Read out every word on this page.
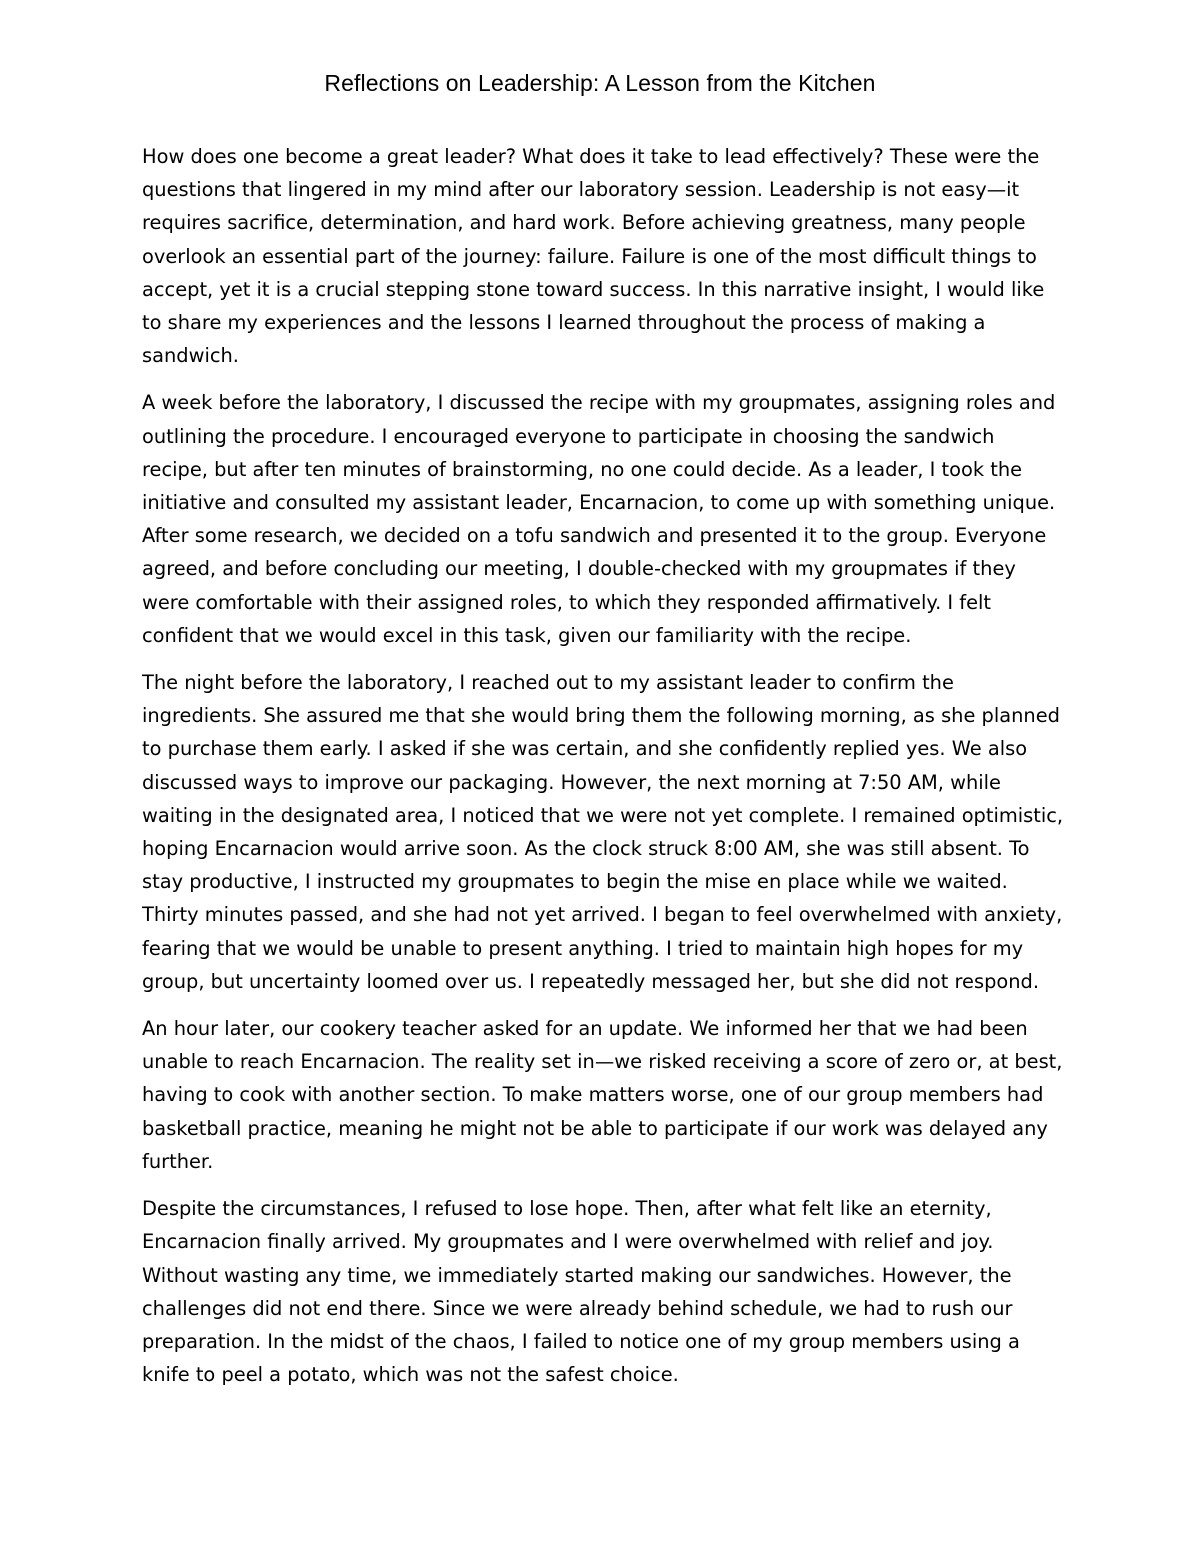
Reflections on Leadership: A Lesson from the Kitchen

How does one become a great leader? What does it take to lead effectively? These were the questions that lingered in my mind after our laboratory session. Leadership is not easy—it requires sacrifice, determination, and hard work. Before achieving greatness, many people overlook an essential part of the journey: failure. Failure is one of the most difficult things to accept, yet it is a crucial stepping stone toward success. In this narrative insight, I would like to share my experiences and the lessons I learned throughout the process of making a sandwich.

A week before the laboratory, I discussed the recipe with my groupmates, assigning roles and outlining the procedure. I encouraged everyone to participate in choosing the sandwich recipe, but after ten minutes of brainstorming, no one could decide. As a leader, I took the initiative and consulted my assistant leader, Encarnacion, to come up with something unique. After some research, we decided on a tofu sandwich and presented it to the group. Everyone agreed, and before concluding our meeting, I double-checked with my groupmates if they were comfortable with their assigned roles, to which they responded affirmatively. I felt confident that we would excel in this task, given our familiarity with the recipe.

The night before the laboratory, I reached out to my assistant leader to confirm the ingredients. She assured me that she would bring them the following morning, as she planned to purchase them early. I asked if she was certain, and she confidently replied yes. We also discussed ways to improve our packaging. However, the next morning at 7:50 AM, while waiting in the designated area, I noticed that we were not yet complete. I remained optimistic, hoping Encarnacion would arrive soon. As the clock struck 8:00 AM, she was still absent. To stay productive, I instructed my groupmates to begin the mise en place while we waited. Thirty minutes passed, and she had not yet arrived. I began to feel overwhelmed with anxiety, fearing that we would be unable to present anything. I tried to maintain high hopes for my group, but uncertainty loomed over us. I repeatedly messaged her, but she did not respond.

An hour later, our cookery teacher asked for an update. We informed her that we had been unable to reach Encarnacion. The reality set in—we risked receiving a score of zero or, at best, having to cook with another section. To make matters worse, one of our group members had basketball practice, meaning he might not be able to participate if our work was delayed any further.

Despite the circumstances, I refused to lose hope. Then, after what felt like an eternity, Encarnacion finally arrived. My groupmates and I were overwhelmed with relief and joy. Without wasting any time, we immediately started making our sandwiches. However, the challenges did not end there. Since we were already behind schedule, we had to rush our preparation. In the midst of the chaos, I failed to notice one of my group members using a knife to peel a potato, which was not the safest choice.
